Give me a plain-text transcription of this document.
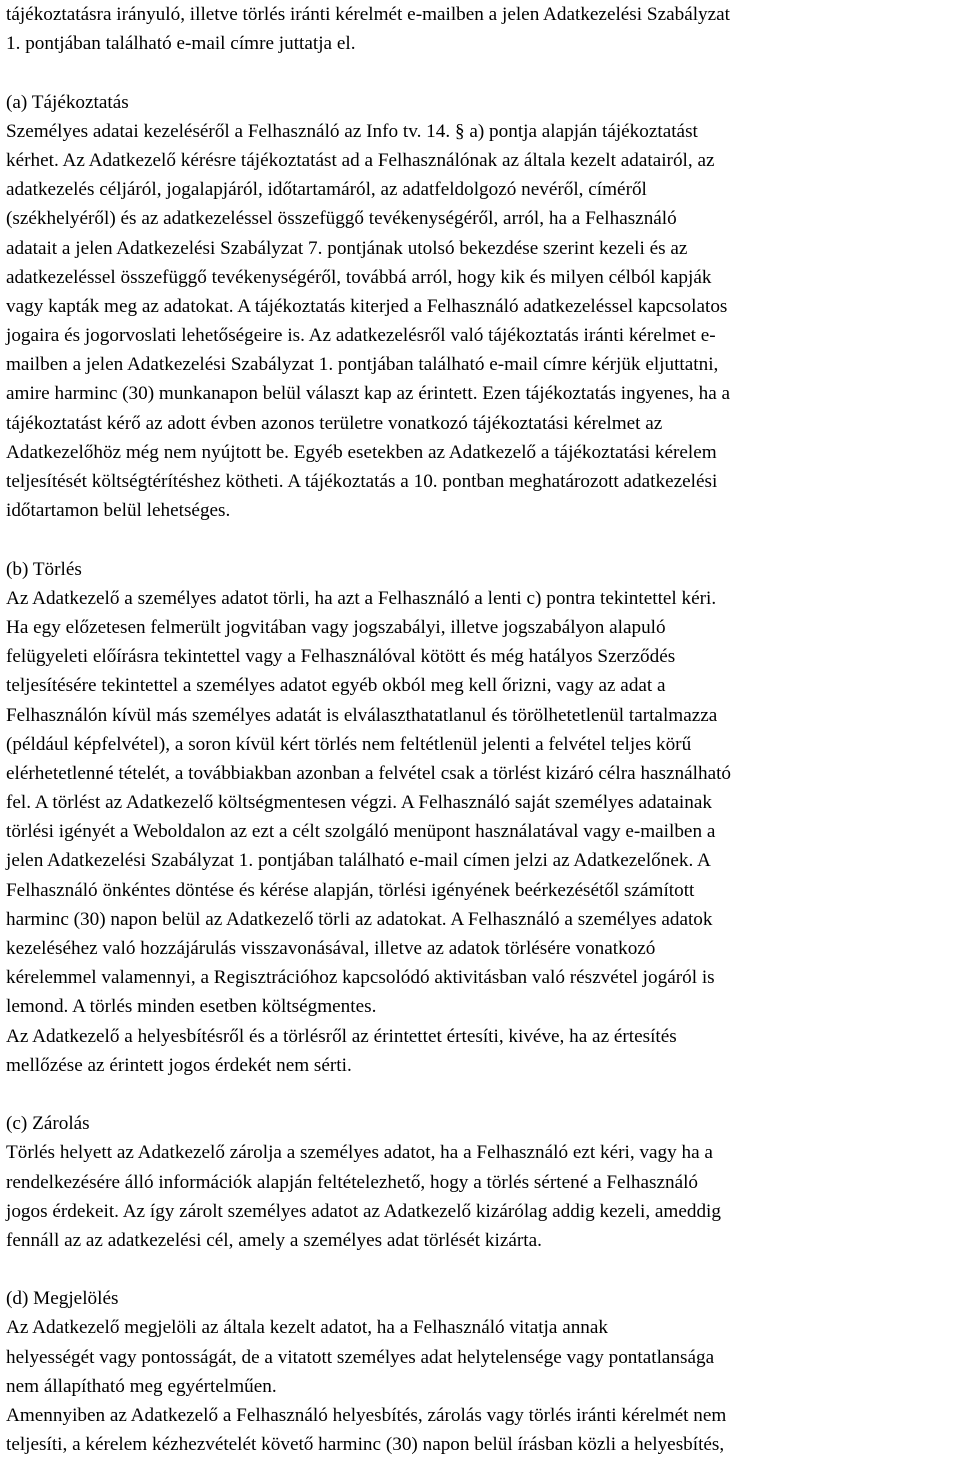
tájékoztatásra irányuló, illetve törlés iránti kérelmét e-mailben a jelen Adatkezelési Szabályzat
1. pontjában található e-mail címre juttatja el.
(a) Tájékoztatás
Személyes adatai kezeléséről a Felhasználó az Info tv. 14. § a) pontja alapján tájékoztatást
kérhet. Az Adatkezelő kérésre tájékoztatást ad a Felhasználónak az általa kezelt adatairól, az
adatkezelés céljáról, jogalapjáról, időtartamáról, az adatfeldolgozó nevéről, címéről
(székhelyéről) és az adatkezeléssel összefüggő tevékenységéről, arról, ha a Felhasználó
adatait a jelen Adatkezelési Szabályzat 7. pontjának utolsó bekezdése szerint kezeli és az
adatkezeléssel összefüggő tevékenységéről, továbbá arról, hogy kik és milyen célból kapják
vagy kapták meg az adatokat. A tájékoztatás kiterjed a Felhasználó adatkezeléssel kapcsolatos
jogaira és jogorvoslati lehetőségeire is. Az adatkezelésről való tájékoztatás iránti kérelmet e-
mailben a jelen Adatkezelési Szabályzat 1. pontjában található e-mail címre kérjük eljuttatni,
amire harminc (30) munkanapon belül választ kap az érintett. Ezen tájékoztatás ingyenes, ha a
tájékoztatást kérő az adott évben azonos területre vonatkozó tájékoztatási kérelmet az
Adatkezelőhöz még nem nyújtott be. Egyéb esetekben az Adatkezelő a tájékoztatási kérelem
teljesítését költségtérítéshez kötheti. A tájékoztatás a 10. pontban meghatározott adatkezelési
időtartamon belül lehetséges.
(b) Törlés
Az Adatkezelő a személyes adatot törli, ha azt a Felhasználó a lenti c) pontra tekintettel kéri.
Ha egy előzetesen felmerült jogvitában vagy jogszabályi, illetve jogszabályon alapuló
felügyeleti előírásra tekintettel vagy a Felhasználóval kötött és még hatályos Szerződés
teljesítésére tekintettel a személyes adatot egyéb okból meg kell őrizni, vagy az adat a
Felhasználón kívül más személyes adatát is elválaszthatatlanul és törölhetetlenül tartalmazza
(például képfelvétel), a soron kívül kért törlés nem feltétlenül jelenti a felvétel teljes körű
elérhetetlenné tételét, a továbbiakban azonban a felvétel csak a törlést kizáró célra használható
fel. A törlést az Adatkezelő költségmentesen végzi. A Felhasználó saját személyes adatainak
törlési igényét a Weboldalon az ezt a célt szolgáló menüpont használatával vagy e-mailben a
jelen Adatkezelési Szabályzat 1. pontjában található e-mail címen jelzi az Adatkezelőnek. A
Felhasználó önkéntes döntése és kérése alapján, törlési igényének beérkezésétől számított
harminc (30) napon belül az Adatkezelő törli az adatokat. A Felhasználó a személyes adatok
kezeléséhez való hozzájárulás visszavonásával, illetve az adatok törlésére vonatkozó
kérelemmel valamennyi, a Regisztrációhoz kapcsolódó aktivitásban való részvétel jogáról is
lemond. A törlés minden esetben költségmentes.
Az Adatkezelő a helyesbítésről és a törlésről az érintettet értesíti, kivéve, ha az értesítés
mellőzése az érintett jogos érdekét nem sérti.
(c) Zárolás
Törlés helyett az Adatkezelő zárolja a személyes adatot, ha a Felhasználó ezt kéri, vagy ha a
rendelkezésére álló információk alapján feltételezhető, hogy a törlés sértené a Felhasználó
jogos érdekeit. Az így zárolt személyes adatot az Adatkezelő kizárólag addig kezeli, ameddig
fennáll az az adatkezelési cél, amely a személyes adat törlését kizárta.
(d) Megjelölés
Az Adatkezelő megjelöli az általa kezelt adatot, ha a Felhasználó vitatja annak
helyességét vagy pontosságát, de a vitatott személyes adat helytelensége vagy pontatlansága
nem állapítható meg egyértelműen.
Amennyiben az Adatkezelő a Felhasználó helyesbítés, zárolás vagy törlés iránti kérelmét nem
teljesíti, a kérelem kézhezvételét követő harminc (30) napon belül írásban közli a helyesbítés,
